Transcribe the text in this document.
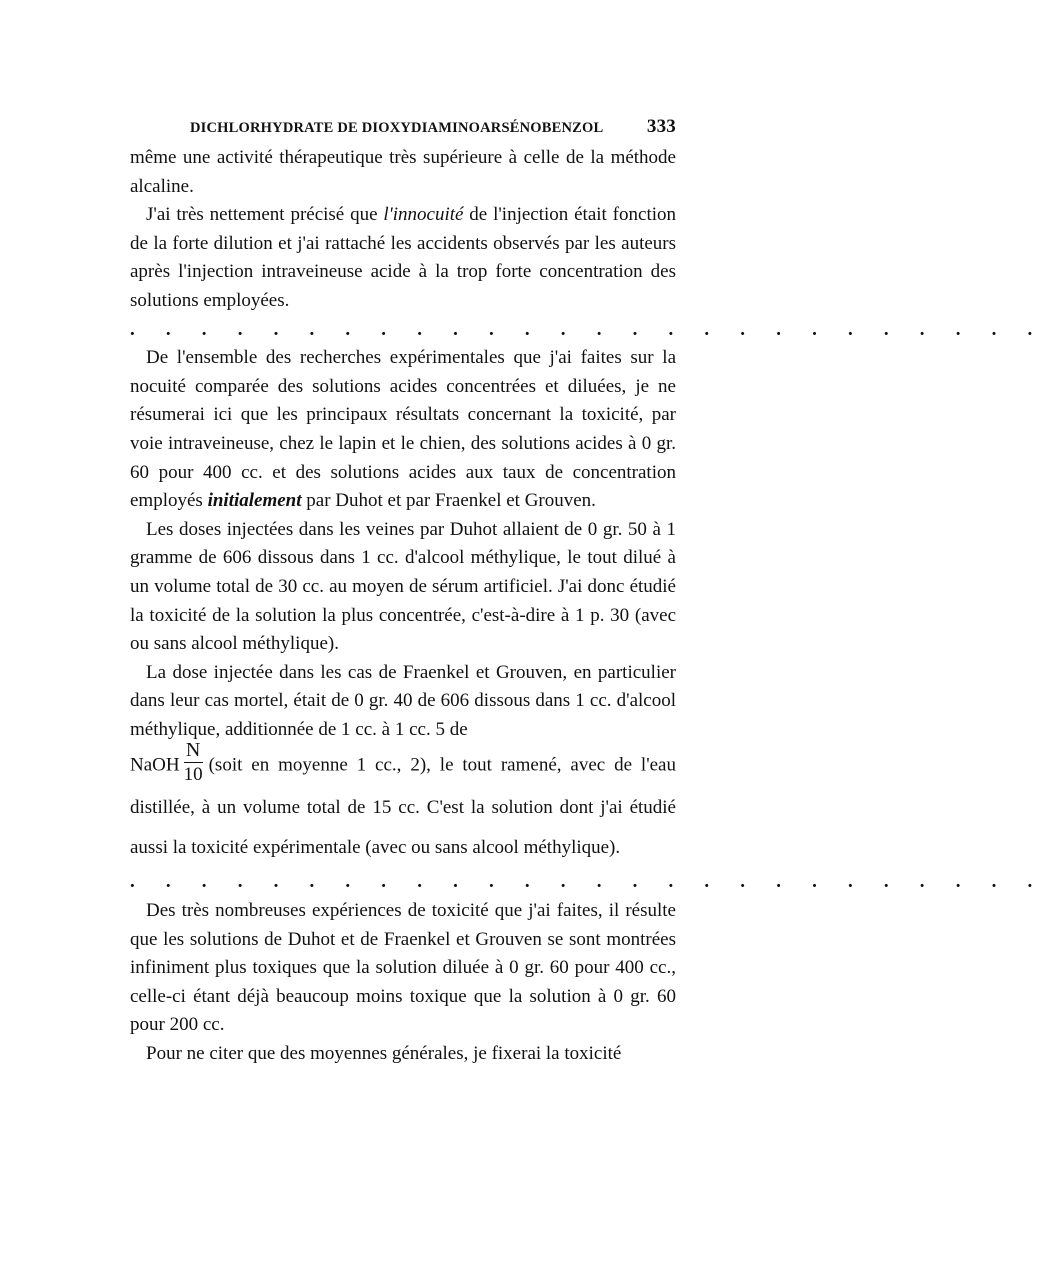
DICHLORHYDRATE DE DIOXYDIAMINOARSÉNOBENZOL 333

même une activité thérapeutique très supérieure à celle de la méthode alcaline.

J'ai très nettement précisé que l'innocuité de l'injection était fonction de la forte dilution et j'ai rattaché les accidents observés par les auteurs après l'injection intraveineuse acide à la trop forte concentration des solutions employées.

. . . . . . . . . . . . . . . . . . . . . . . . . .

De l'ensemble des recherches expérimentales que j'ai faites sur la nocuité comparée des solutions acides concentrées et diluées, je ne résumerai ici que les principaux résultats concernant la toxicité, par voie intraveineuse, chez le lapin et le chien, des solutions acides à 0 gr. 60 pour 400 cc. et des solutions acides aux taux de concentration employés initialement par Duhot et par Fraenkel et Grouven.

Les doses injectées dans les veines par Duhot allaient de 0 gr. 50 à 1 gramme de 606 dissous dans 1 cc. d'alcool méthylique, le tout dilué à un volume total de 30 cc. au moyen de sérum artificiel. J'ai donc étudié la toxicité de la solution la plus concentrée, c'est-à-dire à 1 p. 30 (avec ou sans alcool méthylique).

La dose injectée dans les cas de Fraenkel et Grouven, en particulier dans leur cas mortel, était de 0 gr. 40 de 606 dissous dans 1 cc. d'alcool méthylique, additionnée de 1 cc. à 1 cc. 5 de

NaOH $\frac{N}{10}$ (soit en moyenne 1 cc., 2), le tout ramené, avec de l'eau distillée, à un volume total de 15 cc. C'est la solution dont j'ai étudié aussi la toxicité expérimentale (avec ou sans alcool méthylique).

. . . . . . . . . . . . . . . . . . . . . . . . . .

Des très nombreuses expériences de toxicité que j'ai faites, il résulte que les solutions de Duhot et de Fraenkel et Grouven se sont montrées infiniment plus toxiques que la solution diluée à 0 gr. 60 pour 400 cc., celle-ci étant déjà beaucoup moins toxique que la solution à 0 gr. 60 pour 200 cc.

Pour ne citer que des moyennes générales, je fixerai la toxicité
